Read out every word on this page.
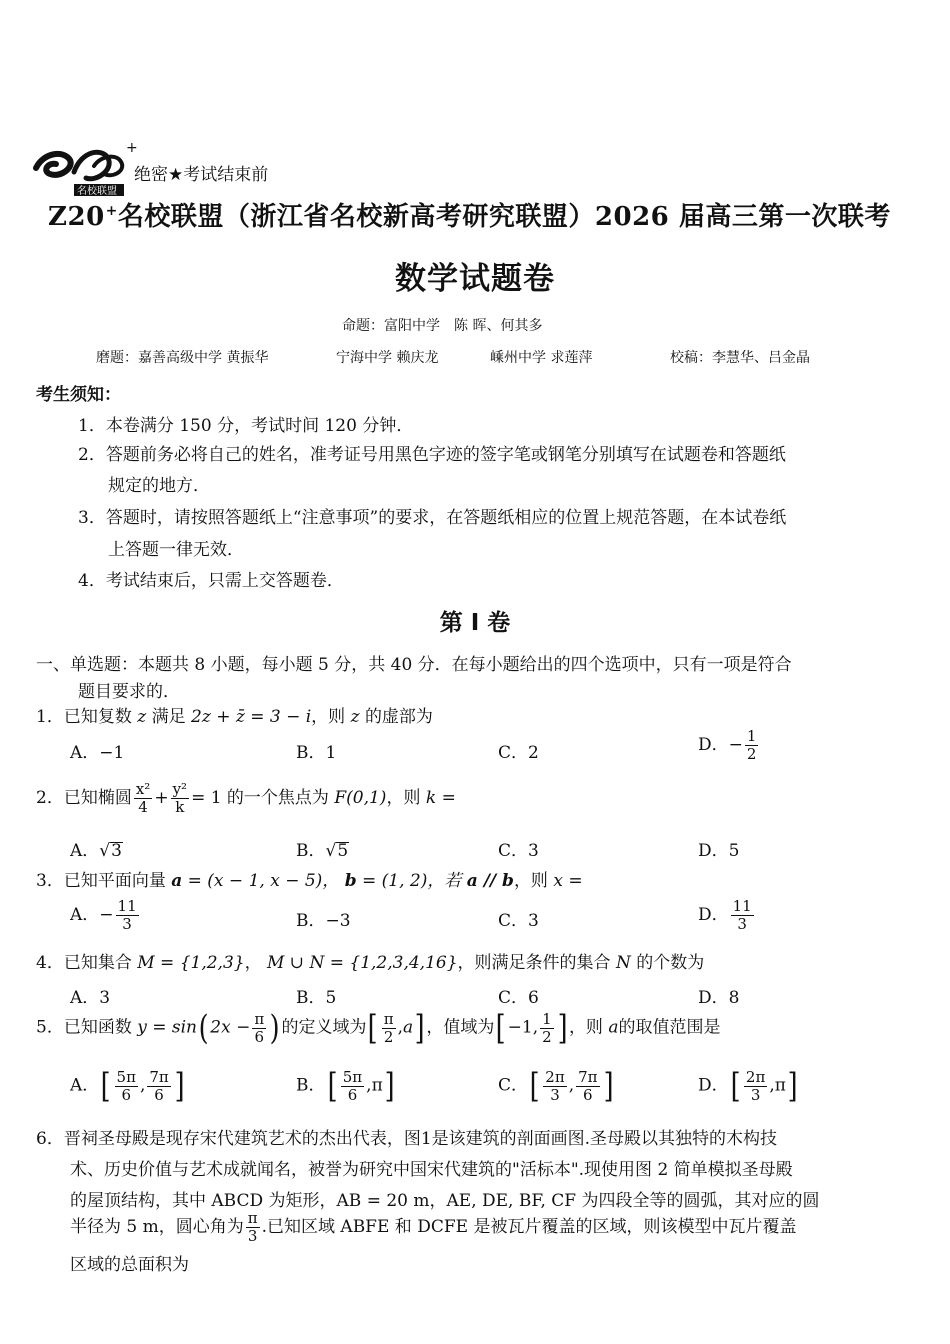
+
名校联盟
绝密★考试结束前
Z20+名校联盟（浙江省名校新高考研究联盟）2026 届高三第一次联考
数学试题卷
命题：富阳中学　陈 晖、何其多
磨题：嘉善高级中学 黄振华	宁海中学 赖庆龙	嵊州中学 求莲萍	校稿：李慧华、吕金晶
考生须知：
1．本卷满分 150 分，考试时间 120 分钟．
2．答题前务必将自己的姓名，准考证号用黑色字迹的签字笔或钢笔分别填写在试题卷和答题纸
规定的地方．
3．答题时，请按照答题纸上“注意事项”的要求，在答题纸相应的位置上规范答题，在本试卷纸
上答题一律无效．
4．考试结束后，只需上交答题卷．
第 I 卷
一、单选题：本题共 8 小题，每小题 5 分，共 40 分．在每小题给出的四个选项中，只有一项是符合
题目要求的．
1．已知复数 z 满足 2z + z̄ = 3 − i，则 z 的虚部为
A．−1	B．1	C．2	D．− $\frac{1}{2}$
2．已知椭圆 $\frac{\text{x²}}{4} + \frac{\text{y²}}{k} = 1$ 的一个焦点为 F(0,1)，则 k =
A．√3	B．√5	C．3	D．5
3．已知平面向量 a = (x − 1, x − 5)， b = (1, 2)，若 a // b，则 x =
A．− $\frac{11}{3}$	B．−3	C．3	D． $\frac{11}{3}$
4．已知集合 M = {1,2,3}， M ∪ N = {1,2,3,4,16}，则满足条件的集合 N 的个数为
A．3	B．5	C．6	D．8
5．已知函数 $y = \sin(2x - \frac{\pi}{6}$ )的定义域为[ $\frac{\pi}{2} ,a$]，值域为[−1, $\frac{1}{2}$ ]，则 a的取值范围是
A．[ $\frac{5\pi}{6}$ , $\frac{7\pi}{6}$ ]	B．[ $\frac{5\pi}{6} ,\pi$]	C．[ $\frac{2\pi}{3}$ , $\frac{7\pi}{6}$ ]	D．[ $\frac{2\pi}{3} ,\pi$]
6．晋祠圣母殿是现存宋代建筑艺术的杰出代表，图1是该建筑的剖面画图.圣母殿以其独特的木构技
术、历史价值与艺术成就闻名，被誉为研究中国宋代建筑的"活标本".现使用图 2 简单模拟圣母殿
的屋顶结构，其中 ABCD 为矩形，AB = 20 m，AE, DE, BF, CF 为四段全等的圆弧，其对应的圆
半径为 5 m，圆心角为 $\frac{\pi}{3}$ .已知区域 ABFE 和 DCFE 是被瓦片覆盖的区域，则该模型中瓦片覆盖
区域的总面积为
